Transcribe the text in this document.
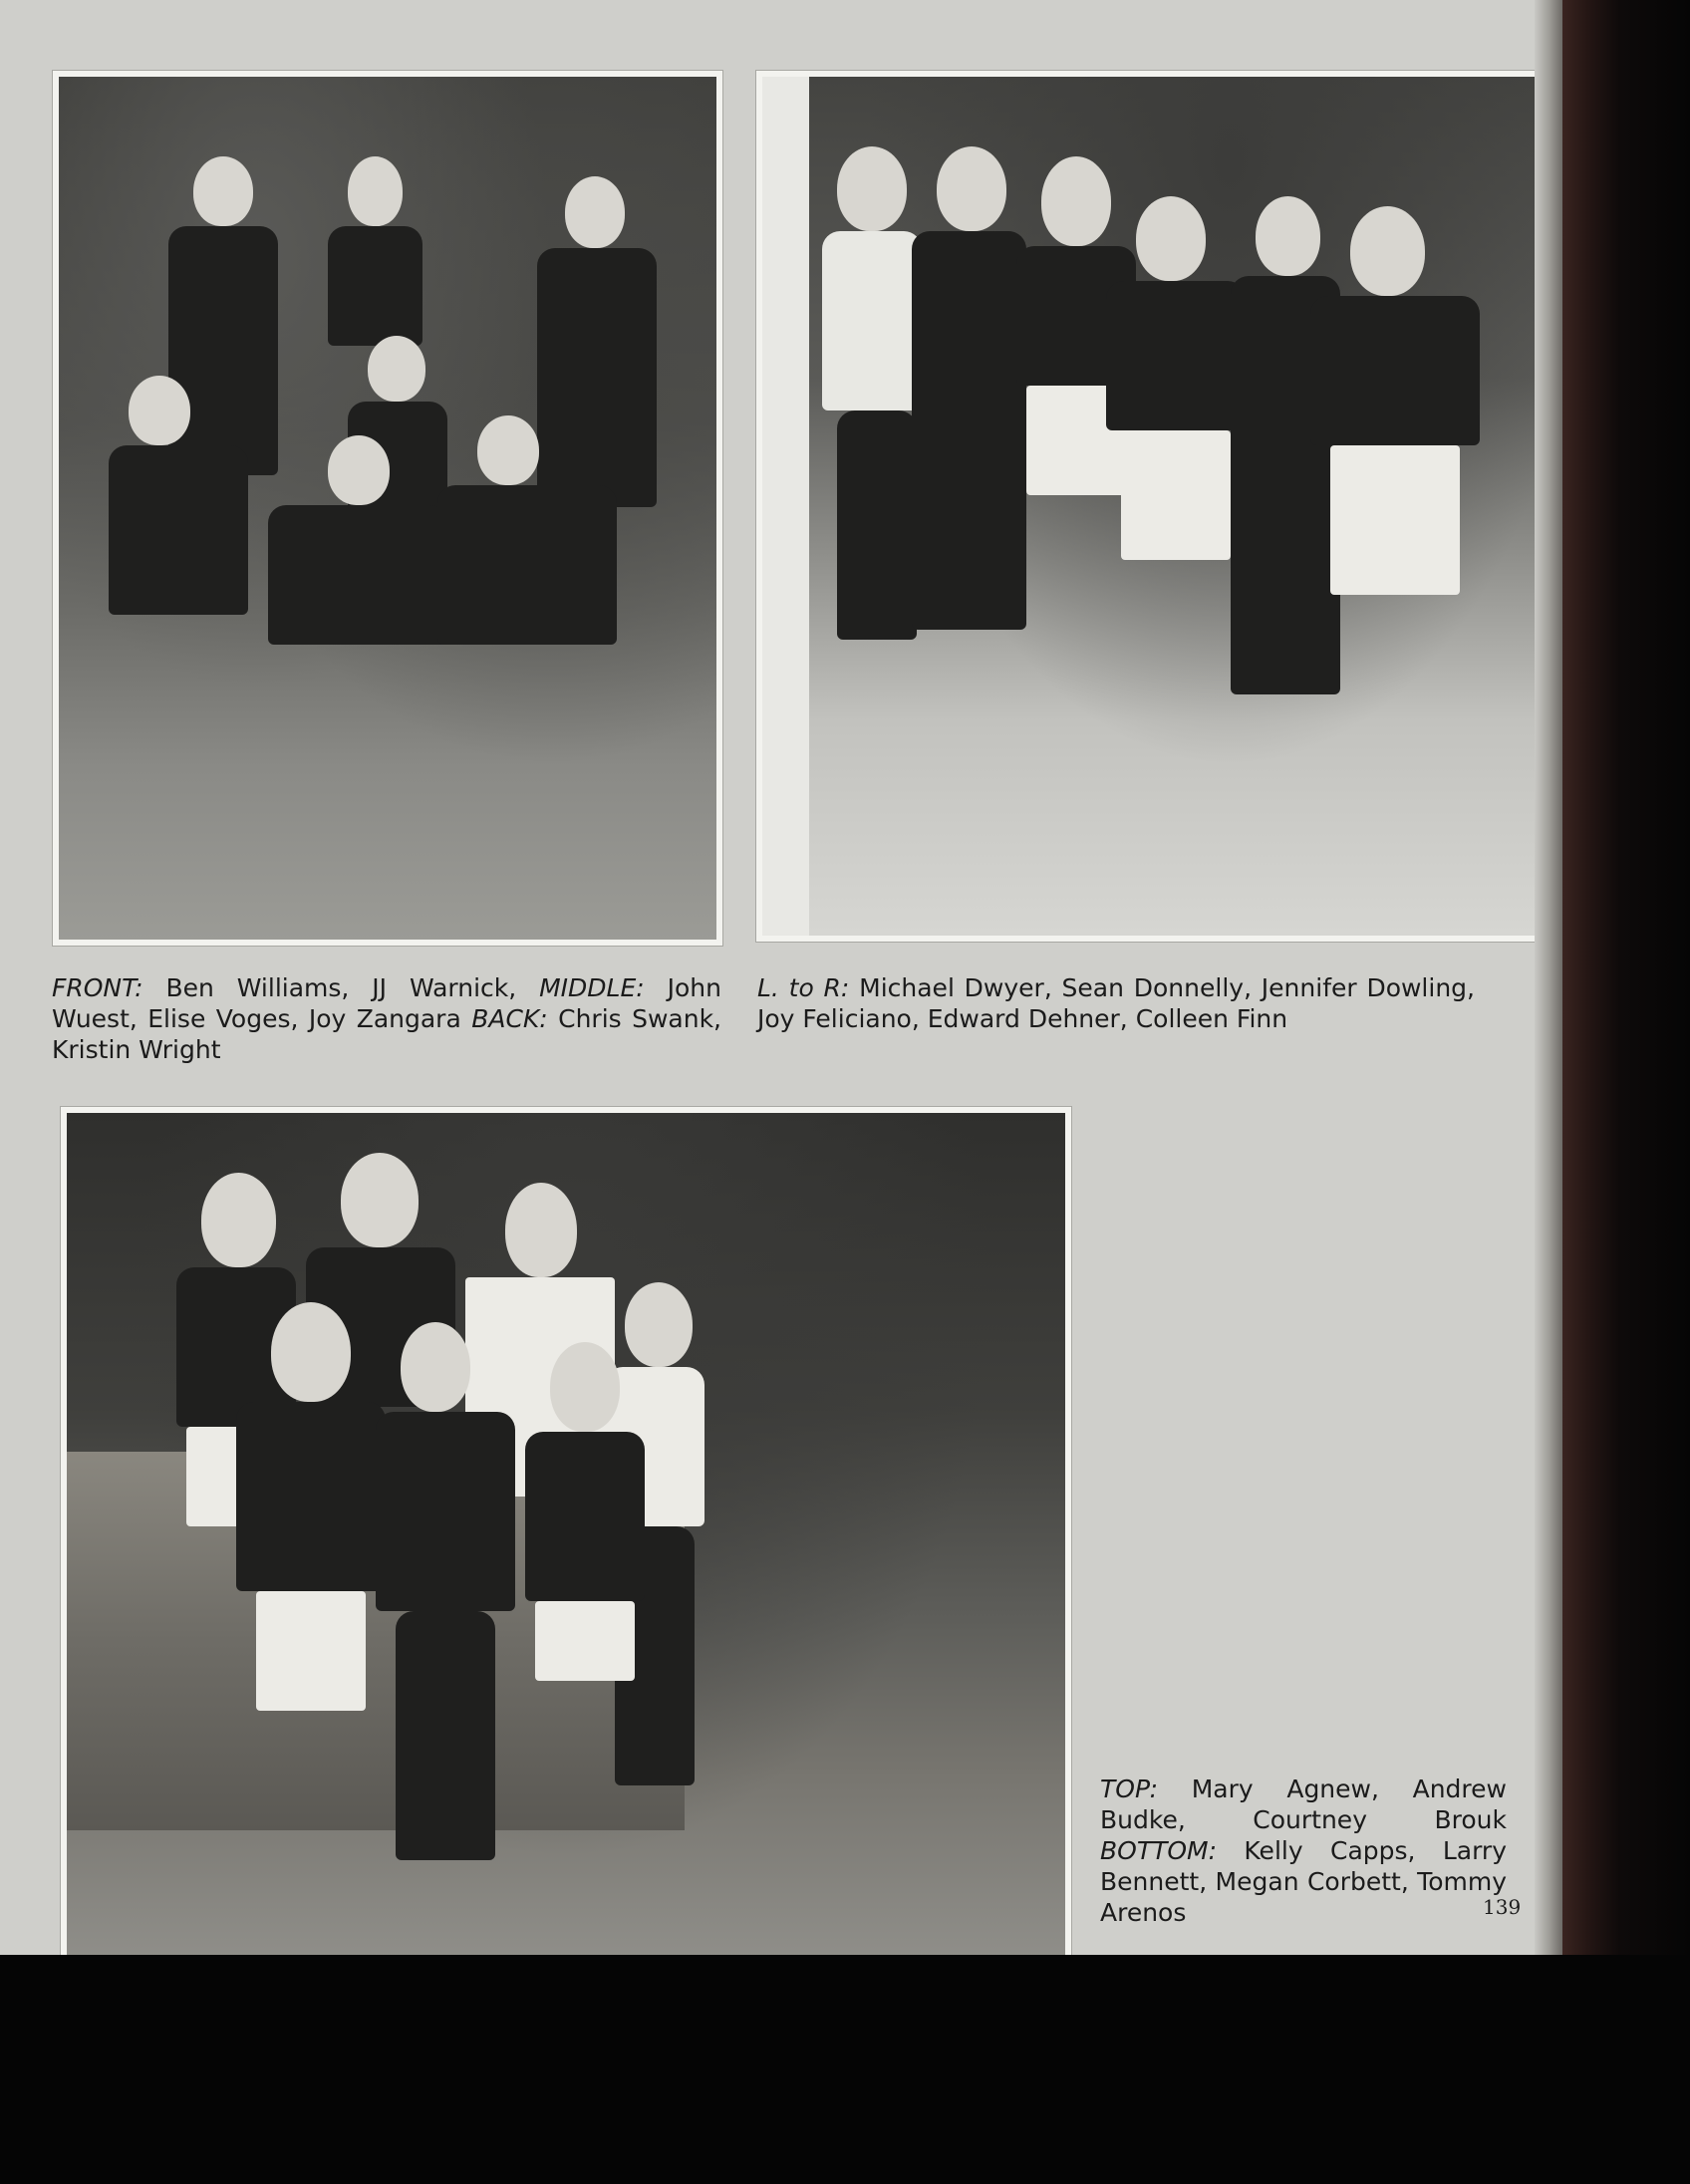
FRONT: Ben Williams, JJ Warnick, MIDDLE: John Wuest, Elise Voges, Joy Zangara BACK: Chris Swank, Kristin Wright
L. to R: Michael Dwyer, Sean Donnelly, Jennifer Dowling, Joy Feliciano, Edward Dehner, Colleen Finn
TOP: Mary Agnew, Andrew Budke, Courtney Brouk BOTTOM: Kelly Capps, Larry Bennett, Megan Corbett, Tommy Arenos	139
